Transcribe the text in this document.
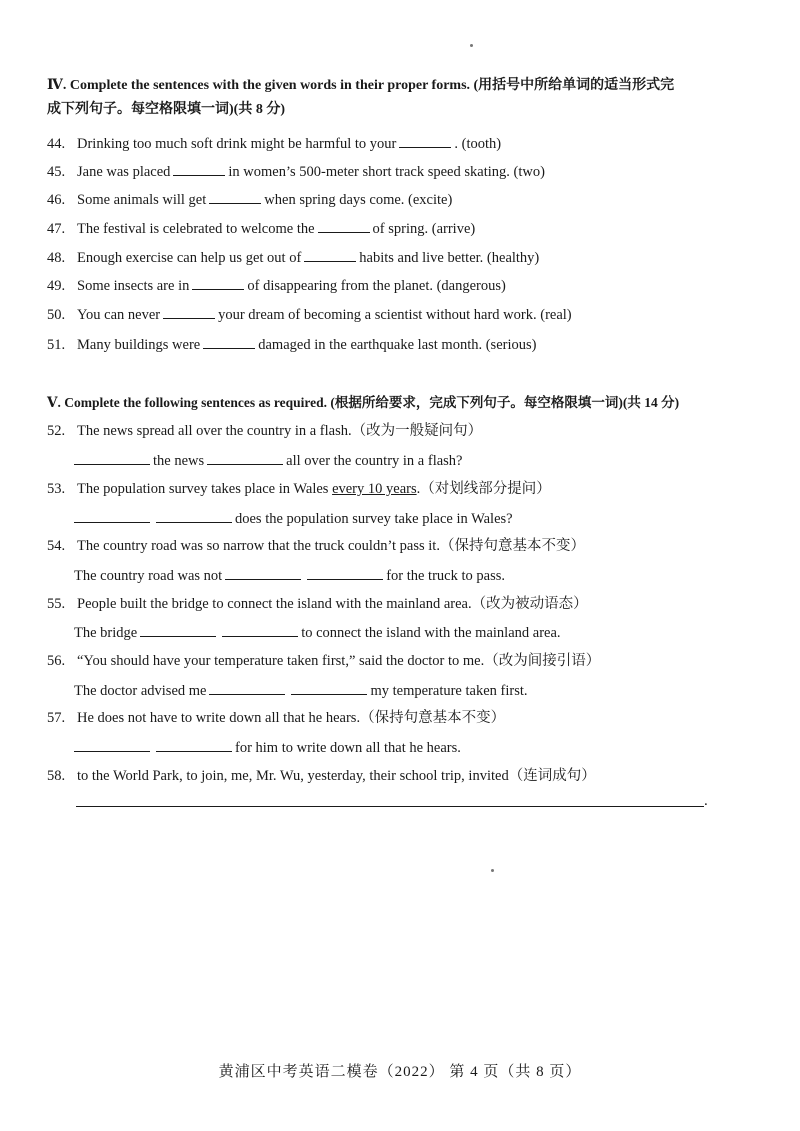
Ⅳ. Complete the sentences with the given words in their proper forms. (用括号中所给单词的适当形式完
成下列句子。每空格限填一词)(共 8 分)
44. Drinking too much soft drink might be harmful to your	. (tooth)
45. Jane was placed	in women’s 500-meter short track speed skating. (two)
46. Some animals will get	when spring days come. (excite)
47. The festival is celebrated to welcome the	of spring. (arrive)
48. Enough exercise can help us get out of	habits and live better. (healthy)
49. Some insects are in	of disappearing from the planet. (dangerous)
50. You can never	your dream of becoming a scientist without hard work. (real)
51. Many buildings were	damaged in the earthquake last month. (serious)
Ⅴ. Complete the following sentences as required. (根据所给要求，完成下列句子。每空格限填一词)(共 14 分)
52. The news spread all over the country in a flash.（改为一般疑问句）
the news	all over the country in a flash?
53. The population survey takes place in Wales every 10 years.（对划线部分提问）
does the population survey take place in Wales?
54. The country road was so narrow that the truck couldn’t pass it.（保持句意基本不变）
The country road was not	for the truck to pass.
55. People built the bridge to connect the island with the mainland area.（改为被动语态）
The bridge	to connect the island with the mainland area.
56. “You should have your temperature taken first,” said the doctor to me.（改为间接引语）
The doctor advised me	my temperature taken first.
57. He does not have to write down all that he hears.（保持句意基本不变）
for him to write down all that he hears.
58. to the World Park, to join, me, Mr. Wu, yesterday, their school trip, invited（连词成句）
.
黄浦区中考英语二模卷（2022） 第 4 页（共 8 页）
